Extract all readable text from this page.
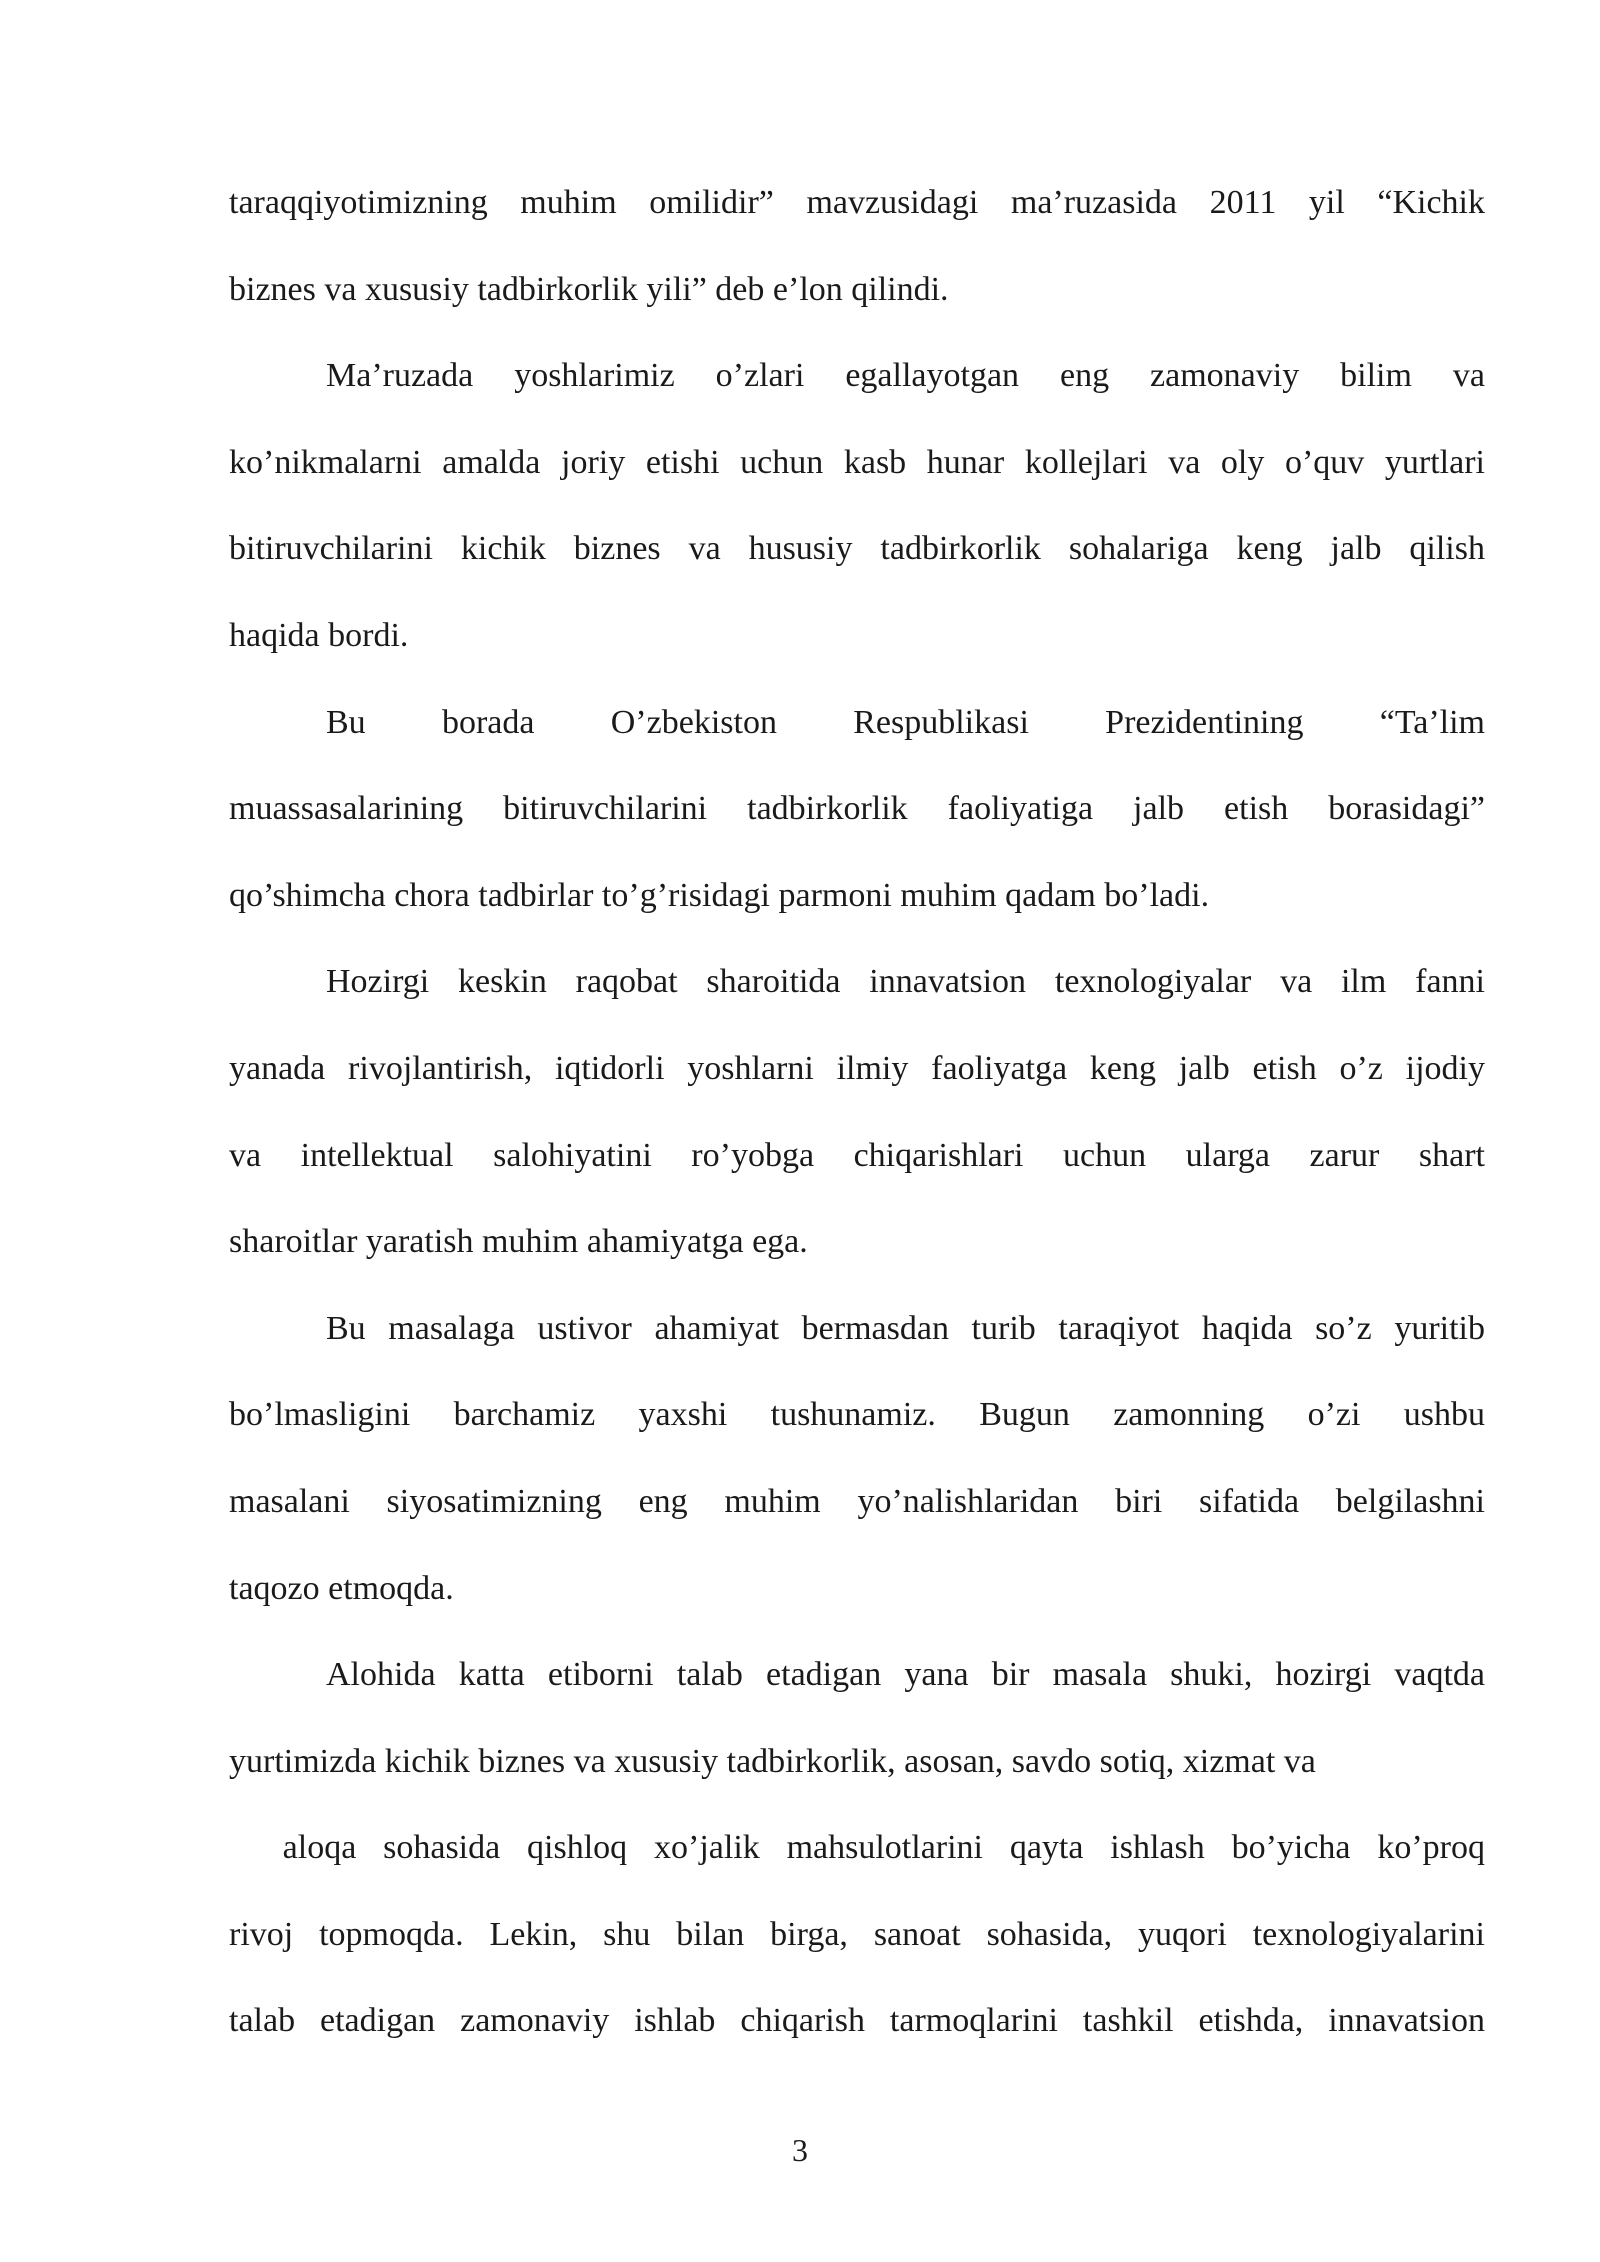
taraqqiyotimizning muhim omilidir” mavzusidagi ma’ruzasida 2011 yil “Kichik
biznes va xususiy tadbirkorlik yili” deb e’lon qilindi.

Ma’ruzada yoshlarimiz o’zlari egallayotgan eng zamonaviy bilim va
ko’nikmalarni amalda joriy etishi uchun kasb hunar kollejlari va oly o’quv yurtlari
bitiruvchilarini kichik biznes va hususiy tadbirkorlik sohalariga keng jalb qilish
haqida bordi.

Bu borada O’zbekiston Respublikasi Prezidentining “Ta’lim
muassasalarining bitiruvchilarini tadbirkorlik faoliyatiga jalb etish borasidagi”
qo’shimcha chora tadbirlar to’g’risidagi parmoni muhim qadam bo’ladi.

Hozirgi keskin raqobat sharoitida innavatsion texnologiyalar va ilm fanni
yanada rivojlantirish, iqtidorli yoshlarni ilmiy faoliyatga keng jalb etish o’z ijodiy
va intellektual salohiyatini ro’yobga chiqarishlari uchun ularga zarur shart
sharoitlar yaratish muhim ahamiyatga ega.

Bu masalaga ustivor ahamiyat bermasdan turib taraqiyot haqida so’z yuritib
bo’lmasligini barchamiz yaxshi tushunamiz. Bugun zamonning o’zi ushbu
masalani siyosatimizning eng muhim yo’nalishlaridan biri sifatida belgilashni
taqozo etmoqda.

Alohida katta etiborni talab etadigan yana bir masala shuki, hozirgi vaqtda
yurtimizda kichik biznes va xususiy tadbirkorlik, asosan, savdo sotiq, xizmat va
aloqa sohasida qishloq xo’jalik mahsulotlarini qayta ishlash bo’yicha ko’proq
rivoj topmoqda. Lekin, shu bilan birga, sanoat sohasida, yuqori texnologiyalarini
talab etadigan zamonaviy ishlab chiqarish tarmoqlarini tashkil etishda, innavatsion

3
